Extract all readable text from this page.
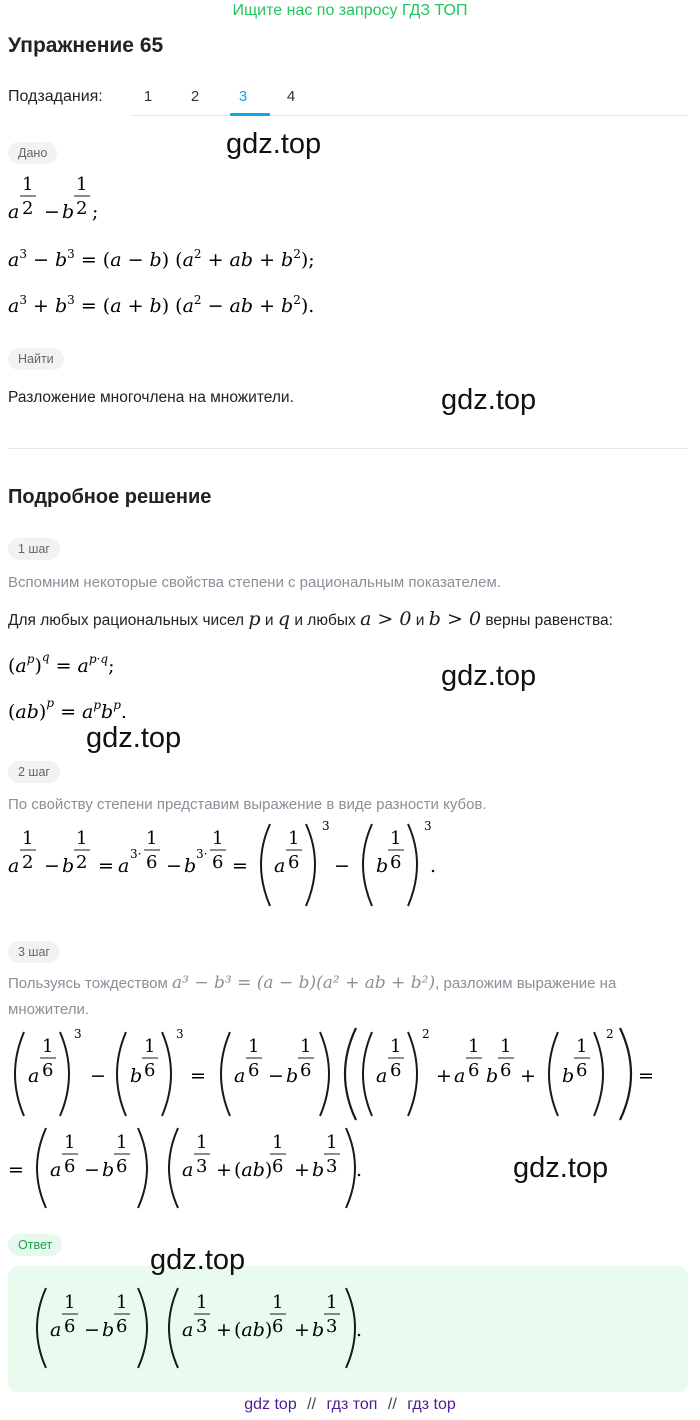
Ищите нас по запросу ГДЗ ТОП
Упражнение 65
Подзадания:	1	2	3	4
Дано	gdz.top
a
1
2 − b
1
2 ;
$a^3 - b^3 = (a - b) (a^2$ + ab + $b^2$);
$a^3 + b^3 = (a + b) (a^2$ − ab + $b^2$).
Найти
Разложение многочлена на множители.	gdz.top
Подробное решение
1 шаг
Вспомним некоторые свойства степени с рациональным показателем.
Для любых рациональных чисел p и q и любых a > 0 и b > 0 верны равенства:
$(a^p)^q = a^{p\cdot q}$;
$(ab)^p = a^pb^p$.
gdz.top
gdz.top
2 шаг
По свойству степени представим выражение в виде разности кубов.
a
1
2 − b
1
2 = a
3·
1
6 − b
3·
1
6 = a
1
6
3
− b
1
6
3
.
3 шаг
Пользуясь тождеством a³ − b³ = (a − b)(a² + ab + b²), разложим выражение на
множители.
a
1
6
3
− b
1
6
3
= a
1
6 − b
1
6	a
1
6
2
+ a
1
6 b
1
6 + b
1
6
2
=
= a
1
6 − b
1
6	a
1
3 + (ab)
1
6 + b
1
3 .	gdz.top
Ответ	gdz.top
a
1
6 − b
1
6	a
1
3 + (ab)
1
6 + b
1
3 .
gdz top // гдз топ // гдз top
